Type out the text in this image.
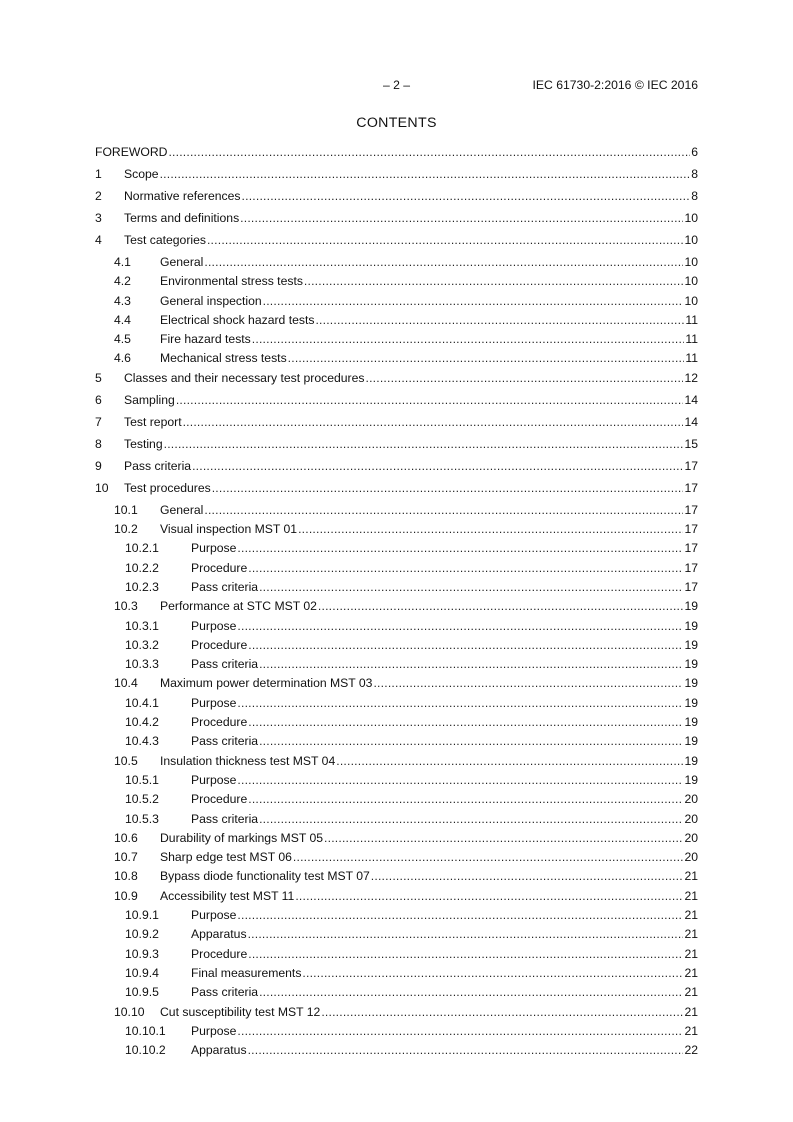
– 2 –	IEC 61730-2:2016 © IEC 2016
CONTENTS
FOREWORD .....	6
1	Scope .....	8
2	Normative references .....	8
3	Terms and definitions .....	10
4	Test categories .....	10
4.1	General .....	10
4.2	Environmental stress tests .....	10
4.3	General inspection .....	10
4.4	Electrical shock hazard tests .....	11
4.5	Fire hazard tests .....	11
4.6	Mechanical stress tests .....	11
5	Classes and their necessary test procedures .....	12
6	Sampling .....	14
7	Test report .....	14
8	Testing .....	15
9	Pass criteria .....	17
10	Test procedures .....	17
10.1	General .....	17
10.2	Visual inspection MST 01 .....	17
10.2.1	Purpose .....	17
10.2.2	Procedure .....	17
10.2.3	Pass criteria .....	17
10.3	Performance at STC MST 02 .....	19
10.3.1	Purpose .....	19
10.3.2	Procedure .....	19
10.3.3	Pass criteria .....	19
10.4	Maximum power determination MST 03 .....	19
10.4.1	Purpose .....	19
10.4.2	Procedure .....	19
10.4.3	Pass criteria .....	19
10.5	Insulation thickness test MST 04 .....	19
10.5.1	Purpose .....	19
10.5.2	Procedure .....	20
10.5.3	Pass criteria .....	20
10.6	Durability of markings MST 05 .....	20
10.7	Sharp edge test MST 06 .....	20
10.8	Bypass diode functionality test MST 07 .....	21
10.9	Accessibility test MST 11 .....	21
10.9.1	Purpose .....	21
10.9.2	Apparatus .....	21
10.9.3	Procedure .....	21
10.9.4	Final measurements .....	21
10.9.5	Pass criteria .....	21
10.10	Cut susceptibility test MST 12 .....	21
10.10.1	Purpose .....	21
10.10.2	Apparatus .....	22
